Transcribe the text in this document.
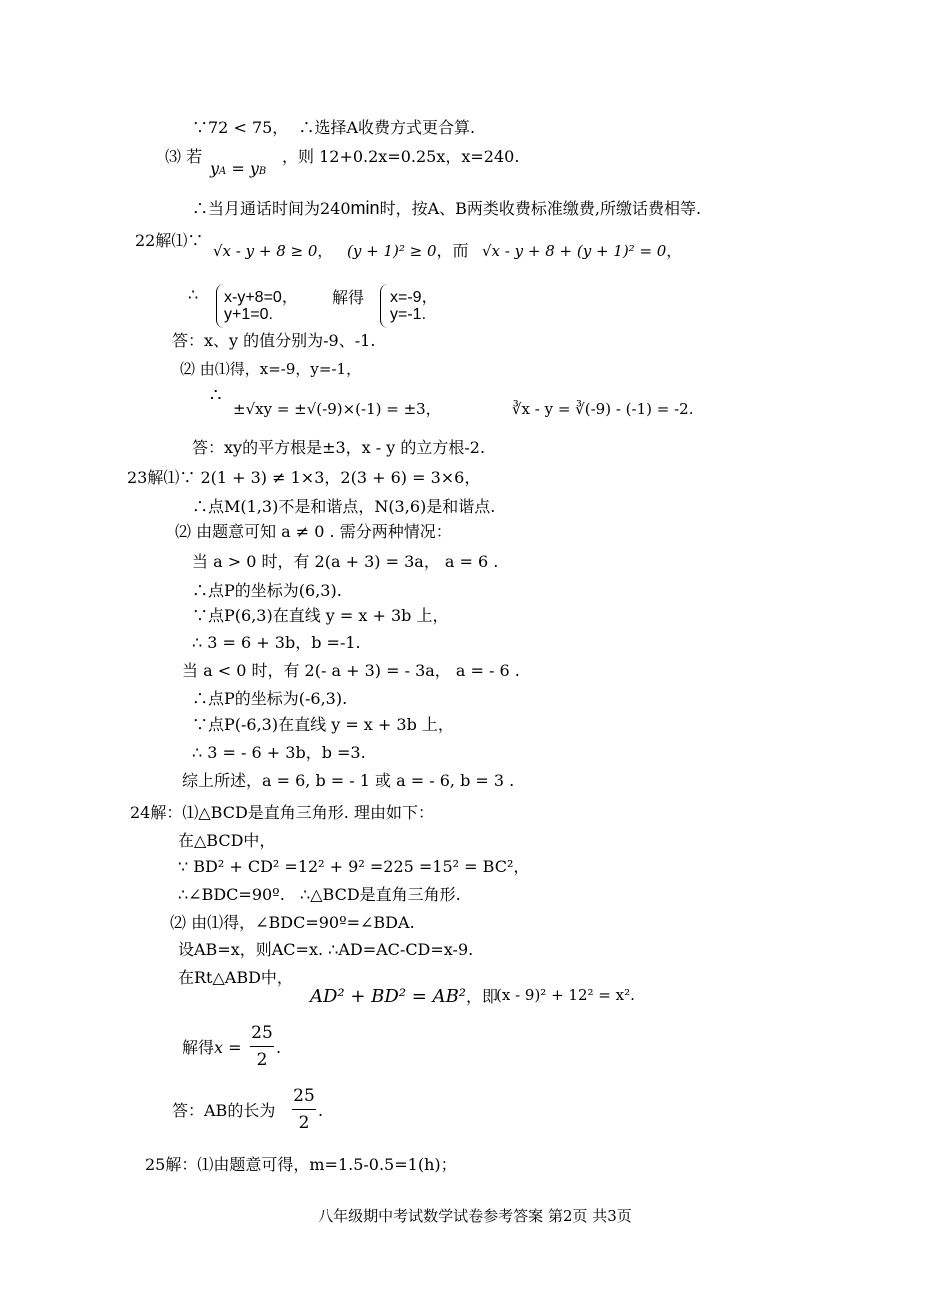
∵72 < 75，  ∴选择A收费方式更合算.
⑶ 若
yA = yB
，则 12+0.2x=0.25x，x=240.
∴当月通话时间为240min时，按A、B两类收费标准缴费,所缴话费相等.
22解⑴∵
√x - y + 8 ≥ 0， (y + 1)² ≥ 0，而 √x - y + 8 + (y + 1)² = 0，
∴ x-y+8=0，
y+1=0.
解得 x=-9，
y=-1.
答：x、y 的值分别为-9、-1.
⑵ 由⑴得，x=-9，y=-1，
∴
±√xy = ±√(-9)×(-1) = ±3，	∛x - y = ∛(-9) - (-1) = -2.
答：xy的平方根是±3，x - y 的立方根-2.
23解⑴∵ 2(1 + 3) ≠ 1×3，2(3 + 6) = 3×6，
∴点M(1,3)不是和谐点，N(3,6)是和谐点.
⑵ 由题意可知 a ≠ 0 . 需分两种情况：
当 a > 0 时，有 2(a + 3) = 3a， a = 6 .
∴点P的坐标为(6,3).
∵点P(6,3)在直线 y = x + 3b 上，
∴ 3 = 6 + 3b，b =-1.
当 a < 0 时，有 2(- a + 3) = - 3a， a = - 6 .
∴点P的坐标为(-6,3).
∵点P(-6,3)在直线 y = x + 3b 上，
∴ 3 = - 6 + 3b，b =3.
综上所述，a = 6, b = - 1 或 a = - 6, b = 3 .
24解：⑴△BCD是直角三角形. 理由如下：
在△BCD中，
∵ BD² + CD² =12² + 9² =225 =15² = BC²，
∴∠BDC=90º.   ∴△BCD是直角三角形.
⑵ 由⑴得，∠BDC=90º=∠BDA.
设AB=x，则AC=x. ∴AD=AC-CD=x-9.
在Rt△ABD中，
AD² + BD² = AB²，即
(x - 9)² + 12² = x².
解得x =
25
2
.
答：AB的长为
25
2
.
25解：⑴由题意可得，m=1.5-0.5=1(h)；
八年级期中考试数学试卷参考答案 第2页 共3页
